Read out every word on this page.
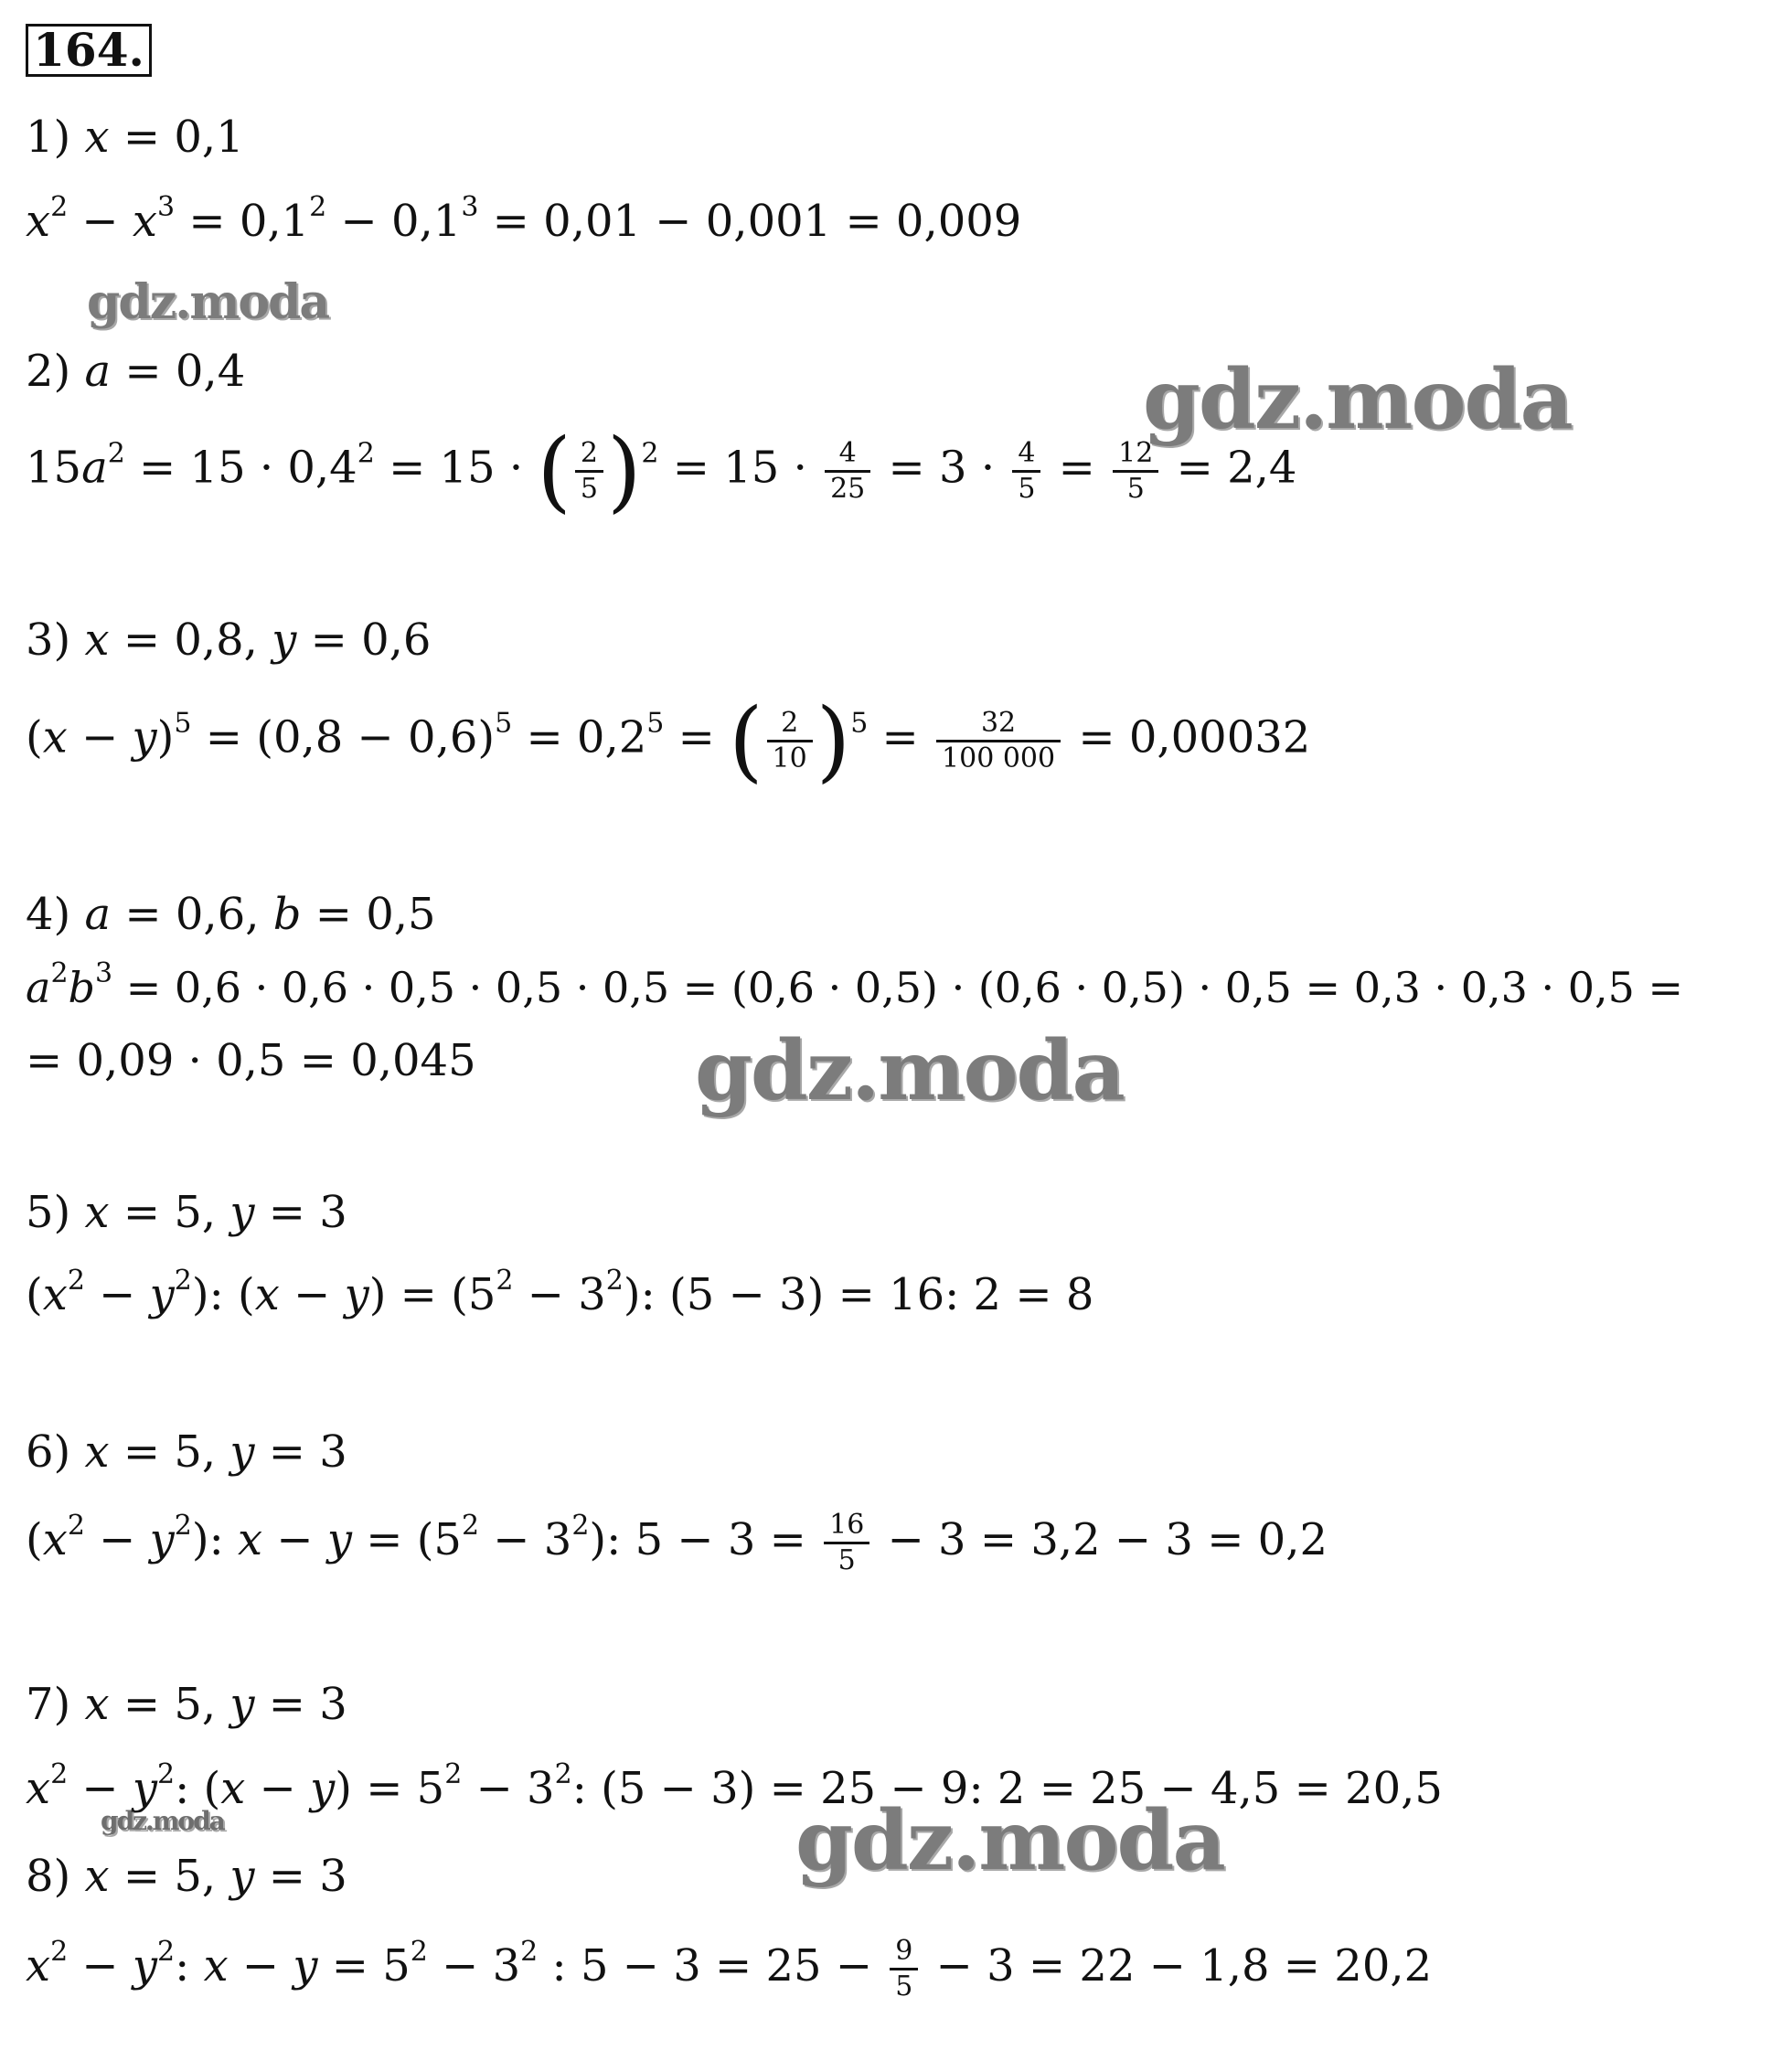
164.
1) x = 0,1
$x^2 - x^3 = 0,1^2 - 0,1^3 = 0,01 - 0,001 = 0,009$
2) a = 0,4
$15a^2 = 15 \cdot 0,4^2 = 15$ · ( $\frac{2}{5} )^2 = 15 \cdot \frac{4}{25} = 3 \cdot \frac{4}{5} = \frac{12}{5} = 2,4$
3) x = 0,8, y = 0,6
$(x - y)^5 = (0,8 - 0,6)^5 = 0,2^5$ = ( $\frac{2}{10} )^5 = \frac{32}{100 000} = 0,00032$
4) a = 0,6, b = 0,5
$a^2b^3 = 0,6 \cdot 0,6 \cdot 0,5 \cdot 0,5 \cdot 0,5 = (0,6 \cdot 0,5) \cdot (0,6 \cdot 0,5) \cdot 0,5 = 0,3 \cdot 0,3 \cdot 0,5$ =
= 0,09 · 0,5 = 0,045
5) x = 5, y = 3
$(x^2 - y^2)$: $(x - y) = (5^2 - 3^2)$: (5 − 3) = 16: 2 = 8
6) x = 5, y = 3
$(x^2 - y^2)$: $x - y = (5^2 - 3^2)$: $5 - 3 = \frac{16}{5} - 3 = 3,2 - 3 = 0,2$
7) x = 5, y = 3
$x^2 - y^2$: $(x - y) = 5^2 - 3^2$: (5 − 3) = 25 − 9: 2 = 25 − 4,5 = 20,5
8) x = 5, y = 3
$x^2 - y^2$: $x - y = 5^2 - 3^2$ : $5 - 3 = 25 - \frac{9}{5} - 3 = 22 - 1,8 = 20,2$
gdz.moda
gdz.moda
gdz.moda
gdz.moda	gdz.moda
